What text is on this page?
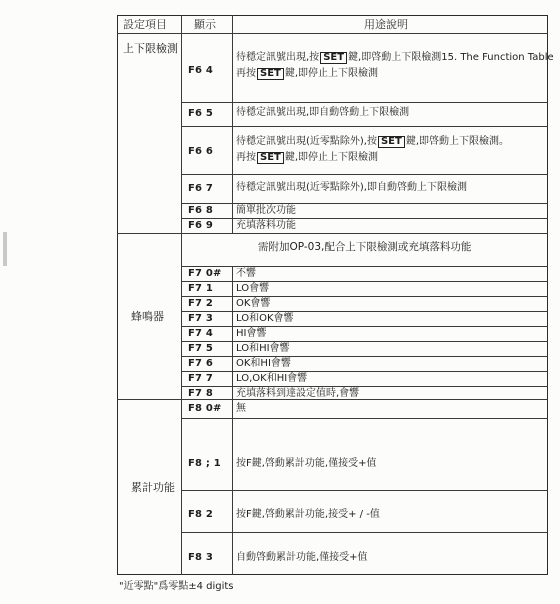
設定項目 顯示	用途說明
上下限檢測
F6 4
待穩定訊號出現,按 SET 鍵,即啓動上下限檢測15. The Function Table
再按 SET 鍵,即停止上下限檢測
F6 5 待穩定訊號出現,即自動啓動上下限檢測
F6 6
待穩定訊號出現(近零點除外),按 SET 鍵,即啓動上下限檢測。
再按 SET 鍵,即停止上下限檢測
F6 7 待穩定訊號出現(近零點除外),即自動啓動上下限檢測
F6 8 簡單批次功能
F6 9 充填落料功能
蜂鳴器
需附加OP-03,配合上下限檢測或充填落料功能
F7 0# 不響
F7 1 LO會響
F7 2 OK會響
F7 3 LO和OK會響
F7 4 HI會響
F7 5 LO和HI會響
F7 6 OK和HI會響
F7 7 LO,OK和HI會響
F7 8 充填落料到達設定值時,會響
累計功能
F8 0# 無
F8 ; 1 按F鍵,啓動累計功能,僅接受+值
F8 2 按F鍵,啓動累計功能,接受+ / -值
F8 3 自動啓動累計功能,僅接受+值
"近零點"爲零點±4 digits
